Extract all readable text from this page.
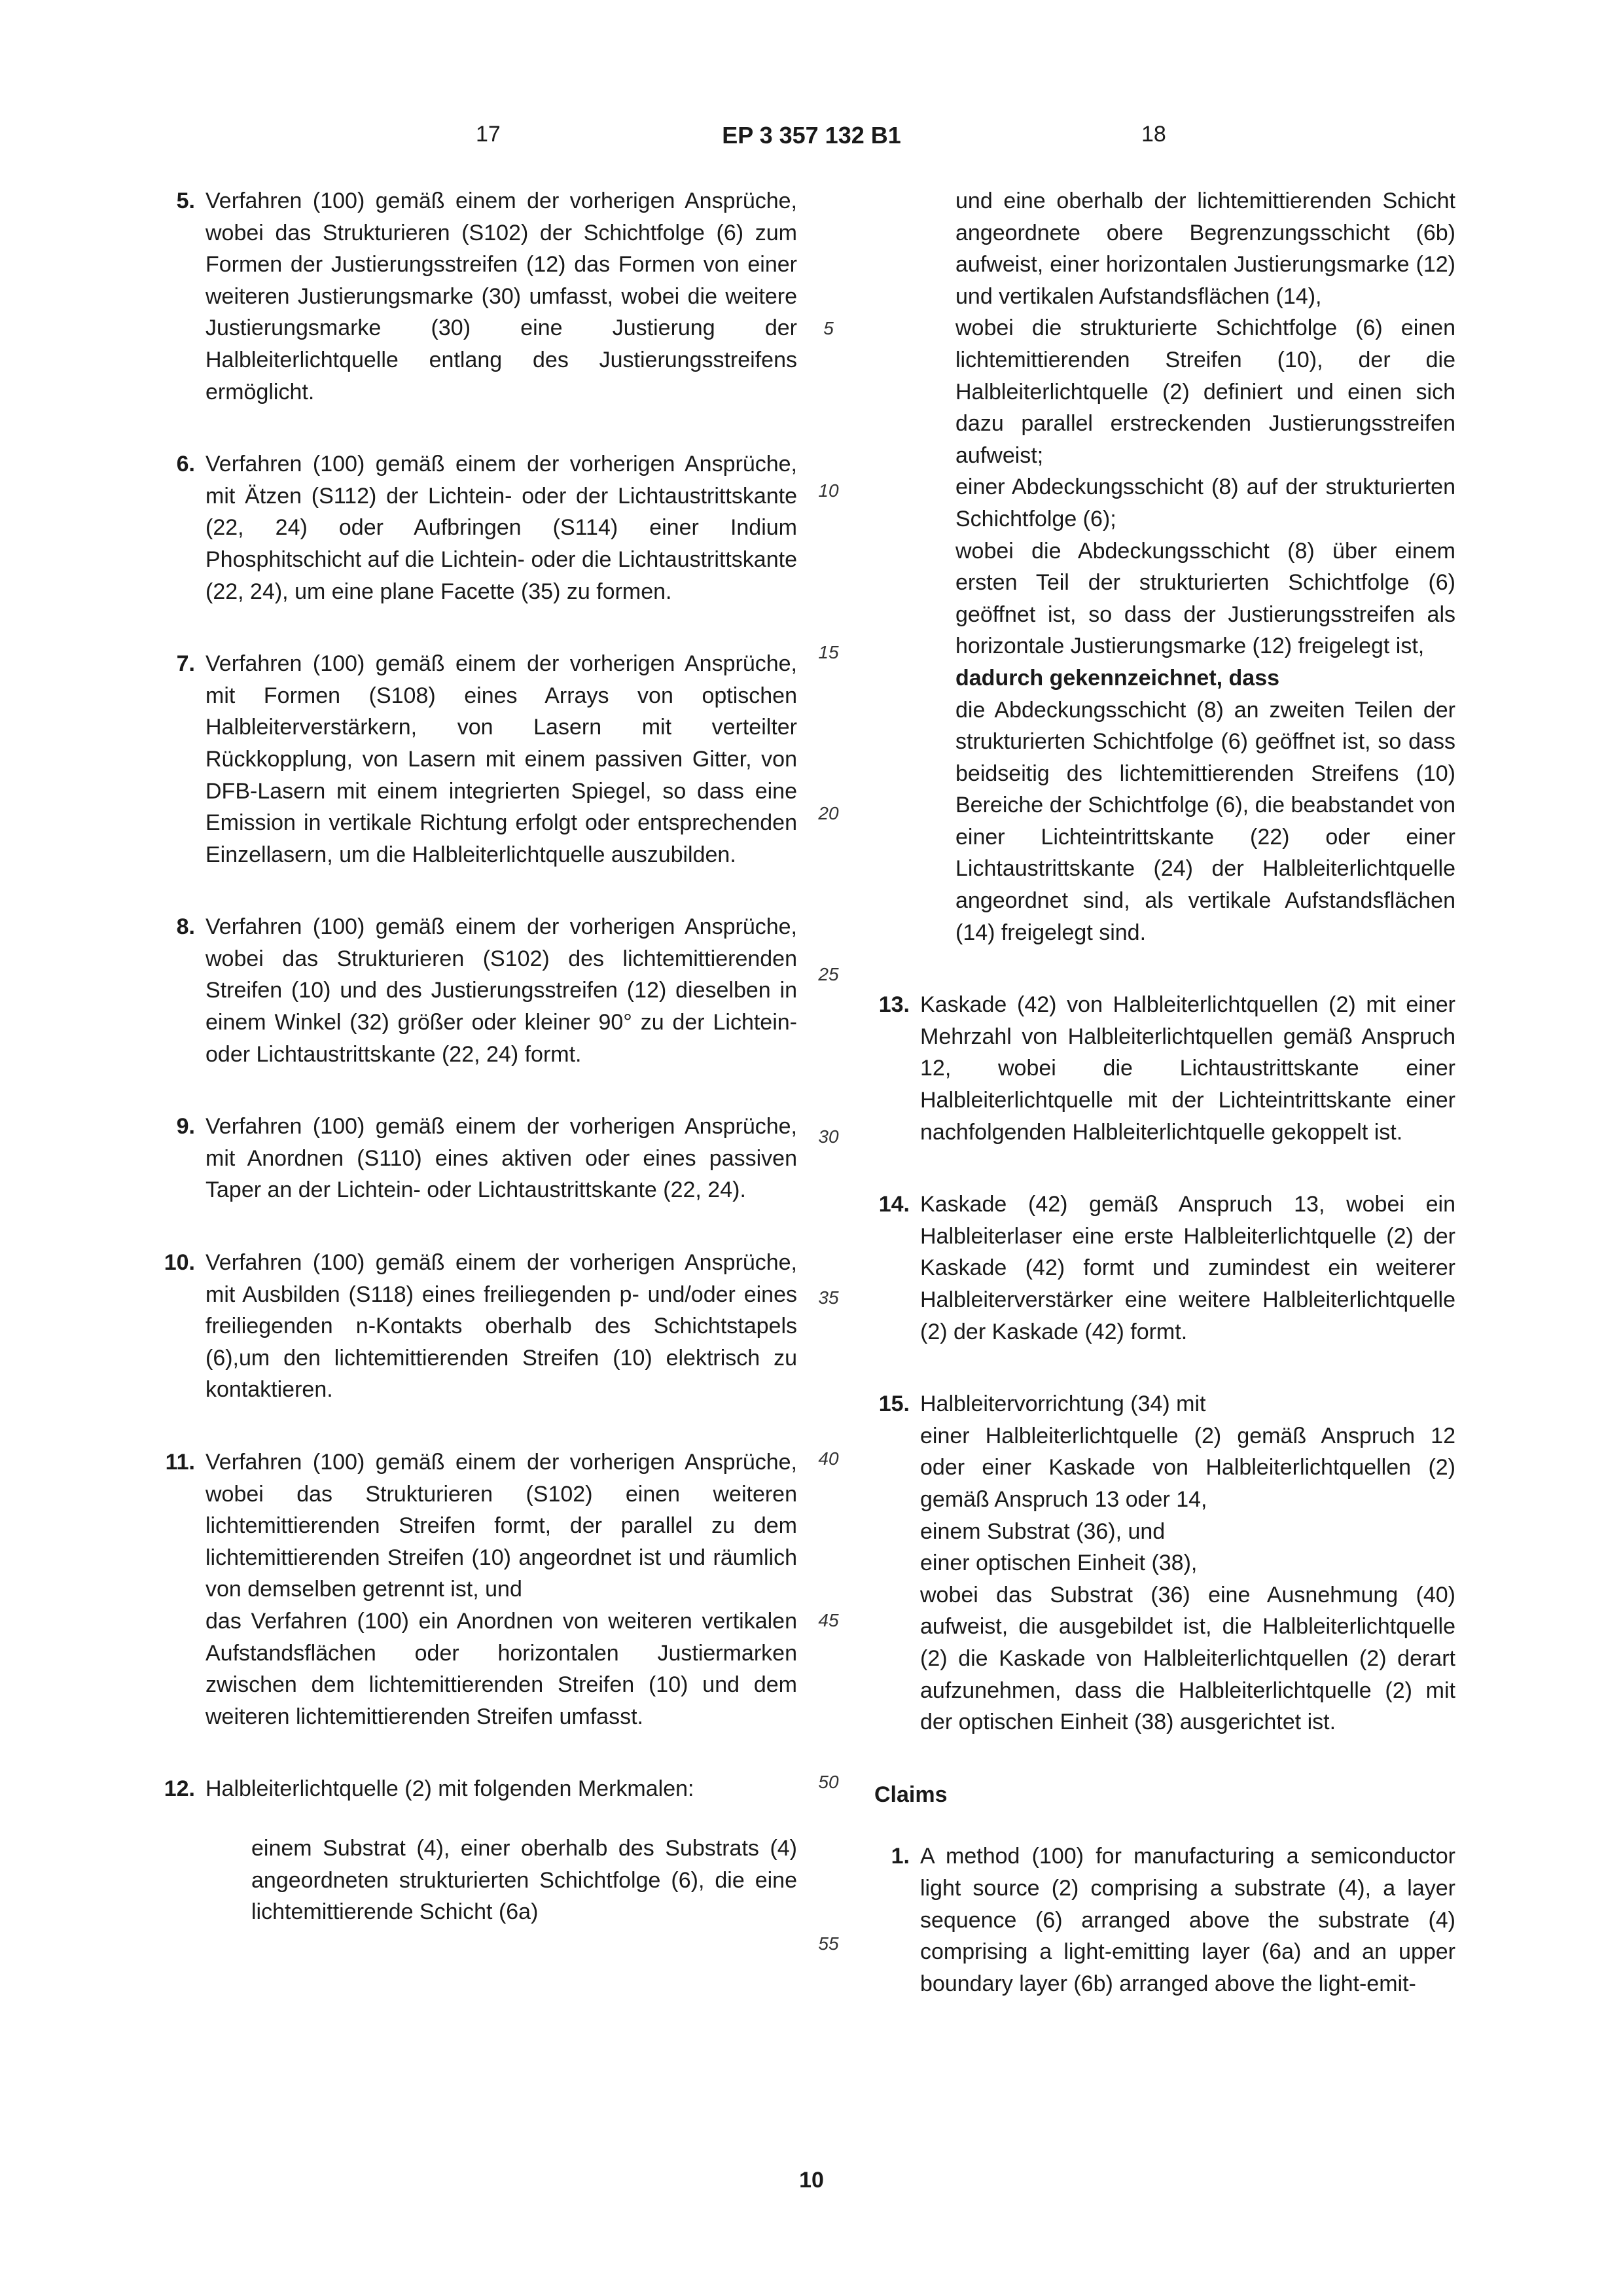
17	EP 3 357 132 B1	18
5
10
15
20
25
30
35
40
45
50
55
5. Verfahren (100) gemäß einem der vorherigen Ansprüche, wobei das Strukturieren (S102) der Schichtfolge (6) zum Formen der Justierungsstreifen (12) das Formen von einer weiteren Justierungsmarke (30) umfasst, wobei die weitere Justierungsmarke (30) eine Justierung der Halbleiterlichtquelle entlang des Justierungsstreifens ermöglicht.
6. Verfahren (100) gemäß einem der vorherigen Ansprüche, mit Ätzen (S112) der Lichtein- oder der Lichtaustrittskante (22, 24) oder Aufbringen (S114) einer Indium Phosphitschicht auf die Lichtein- oder die Lichtaustrittskante (22, 24), um eine plane Facette (35) zu formen.
7. Verfahren (100) gemäß einem der vorherigen Ansprüche, mit Formen (S108) eines Arrays von optischen Halbleiterverstärkern, von Lasern mit verteilter Rückkopplung, von Lasern mit einem passiven Gitter, von DFB-Lasern mit einem integrierten Spiegel, so dass eine Emission in vertikale Richtung erfolgt oder entsprechenden Einzellasern, um die Halbleiterlichtquelle auszubilden.
8. Verfahren (100) gemäß einem der vorherigen Ansprüche, wobei das Strukturieren (S102) des lichtemittierenden Streifen (10) und des Justierungsstreifen (12) dieselben in einem Winkel (32) größer oder kleiner 90° zu der Lichtein- oder Lichtaustrittskante (22, 24) formt.
9. Verfahren (100) gemäß einem der vorherigen Ansprüche, mit Anordnen (S110) eines aktiven oder eines passiven Taper an der Lichtein- oder Lichtaustrittskante (22, 24).
10. Verfahren (100) gemäß einem der vorherigen Ansprüche, mit Ausbilden (S118) eines freiliegenden p- und/oder eines freiliegenden n-Kontakts oberhalb des Schichtstapels (6),um den lichtemittierenden Streifen (10) elektrisch zu kontaktieren.
11. Verfahren (100) gemäß einem der vorherigen Ansprüche, wobei das Strukturieren (S102) einen weiteren lichtemittierenden Streifen formt, der parallel zu dem lichtemittierenden Streifen (10) angeordnet ist und räumlich von demselben getrennt ist, und

das Verfahren (100) ein Anordnen von weiteren vertikalen Aufstandsflächen oder horizontalen Justiermarken zwischen dem lichtemittierenden Streifen (10) und dem weiteren lichtemittierenden Streifen umfasst.

12. Halbleiterlichtquelle (2) mit folgenden Merkmalen:

einem Substrat (4), einer oberhalb des Substrats (4) angeordneten strukturierten Schichtfolge (6), die eine lichtemittierende Schicht (6a)

und eine oberhalb der lichtemittierenden Schicht angeordnete obere Begrenzungsschicht (6b) aufweist, einer horizontalen Justierungsmarke (12) und vertikalen Aufstandsflächen (14),

wobei die strukturierte Schichtfolge (6) einen lichtemittierenden Streifen (10), der die Halbleiterlichtquelle (2) definiert und einen sich dazu parallel erstreckenden Justierungsstreifen aufweist;

einer Abdeckungsschicht (8) auf der strukturierten Schichtfolge (6);

wobei die Abdeckungsschicht (8) über einem ersten Teil der strukturierten Schichtfolge (6) geöffnet ist, so dass der Justierungsstreifen als horizontale Justierungsmarke (12) freigelegt ist,

dadurch gekennzeichnet, dass

die Abdeckungsschicht (8) an zweiten Teilen der strukturierten Schichtfolge (6) geöffnet ist, so dass beidseitig des lichtemittierenden Streifens (10) Bereiche der Schichtfolge (6), die beabstandet von einer Lichteintrittskante (22) oder einer Lichtaustrittskante (24) der Halbleiterlichtquelle angeordnet sind, als vertikale Aufstandsflächen (14) freigelegt sind.

13. Kaskade (42) von Halbleiterlichtquellen (2) mit einer Mehrzahl von Halbleiterlichtquellen gemäß Anspruch 12, wobei die Lichtaustrittskante einer Halbleiterlichtquelle mit der Lichteintrittskante einer nachfolgenden Halbleiterlichtquelle gekoppelt ist.
14. Kaskade (42) gemäß Anspruch 13, wobei ein Halbleiterlaser eine erste Halbleiterlichtquelle (2) der Kaskade (42) formt und zumindest ein weiterer Halbleiterverstärker eine weitere Halbleiterlichtquelle (2) der Kaskade (42) formt.
15. Halbleitervorrichtung (34) mit

einer Halbleiterlichtquelle (2) gemäß Anspruch 12 oder einer Kaskade von Halbleiterlichtquellen (2) gemäß Anspruch 13 oder 14,

einem Substrat (36), und

einer optischen Einheit (38),

wobei das Substrat (36) eine Ausnehmung (40) aufweist, die ausgebildet ist, die Halbleiterlichtquelle (2) die Kaskade von Halbleiterlichtquellen (2) derart aufzunehmen, dass die Halbleiterlichtquelle (2) mit der optischen Einheit (38) ausgerichtet ist.

Claims
1. A method (100) for manufacturing a semiconductor light source (2) comprising a substrate (4), a layer sequence (6) arranged above the substrate (4) comprising a light-emitting layer (6a) and an upper boundary layer (6b) arranged above the light-emit-
10
